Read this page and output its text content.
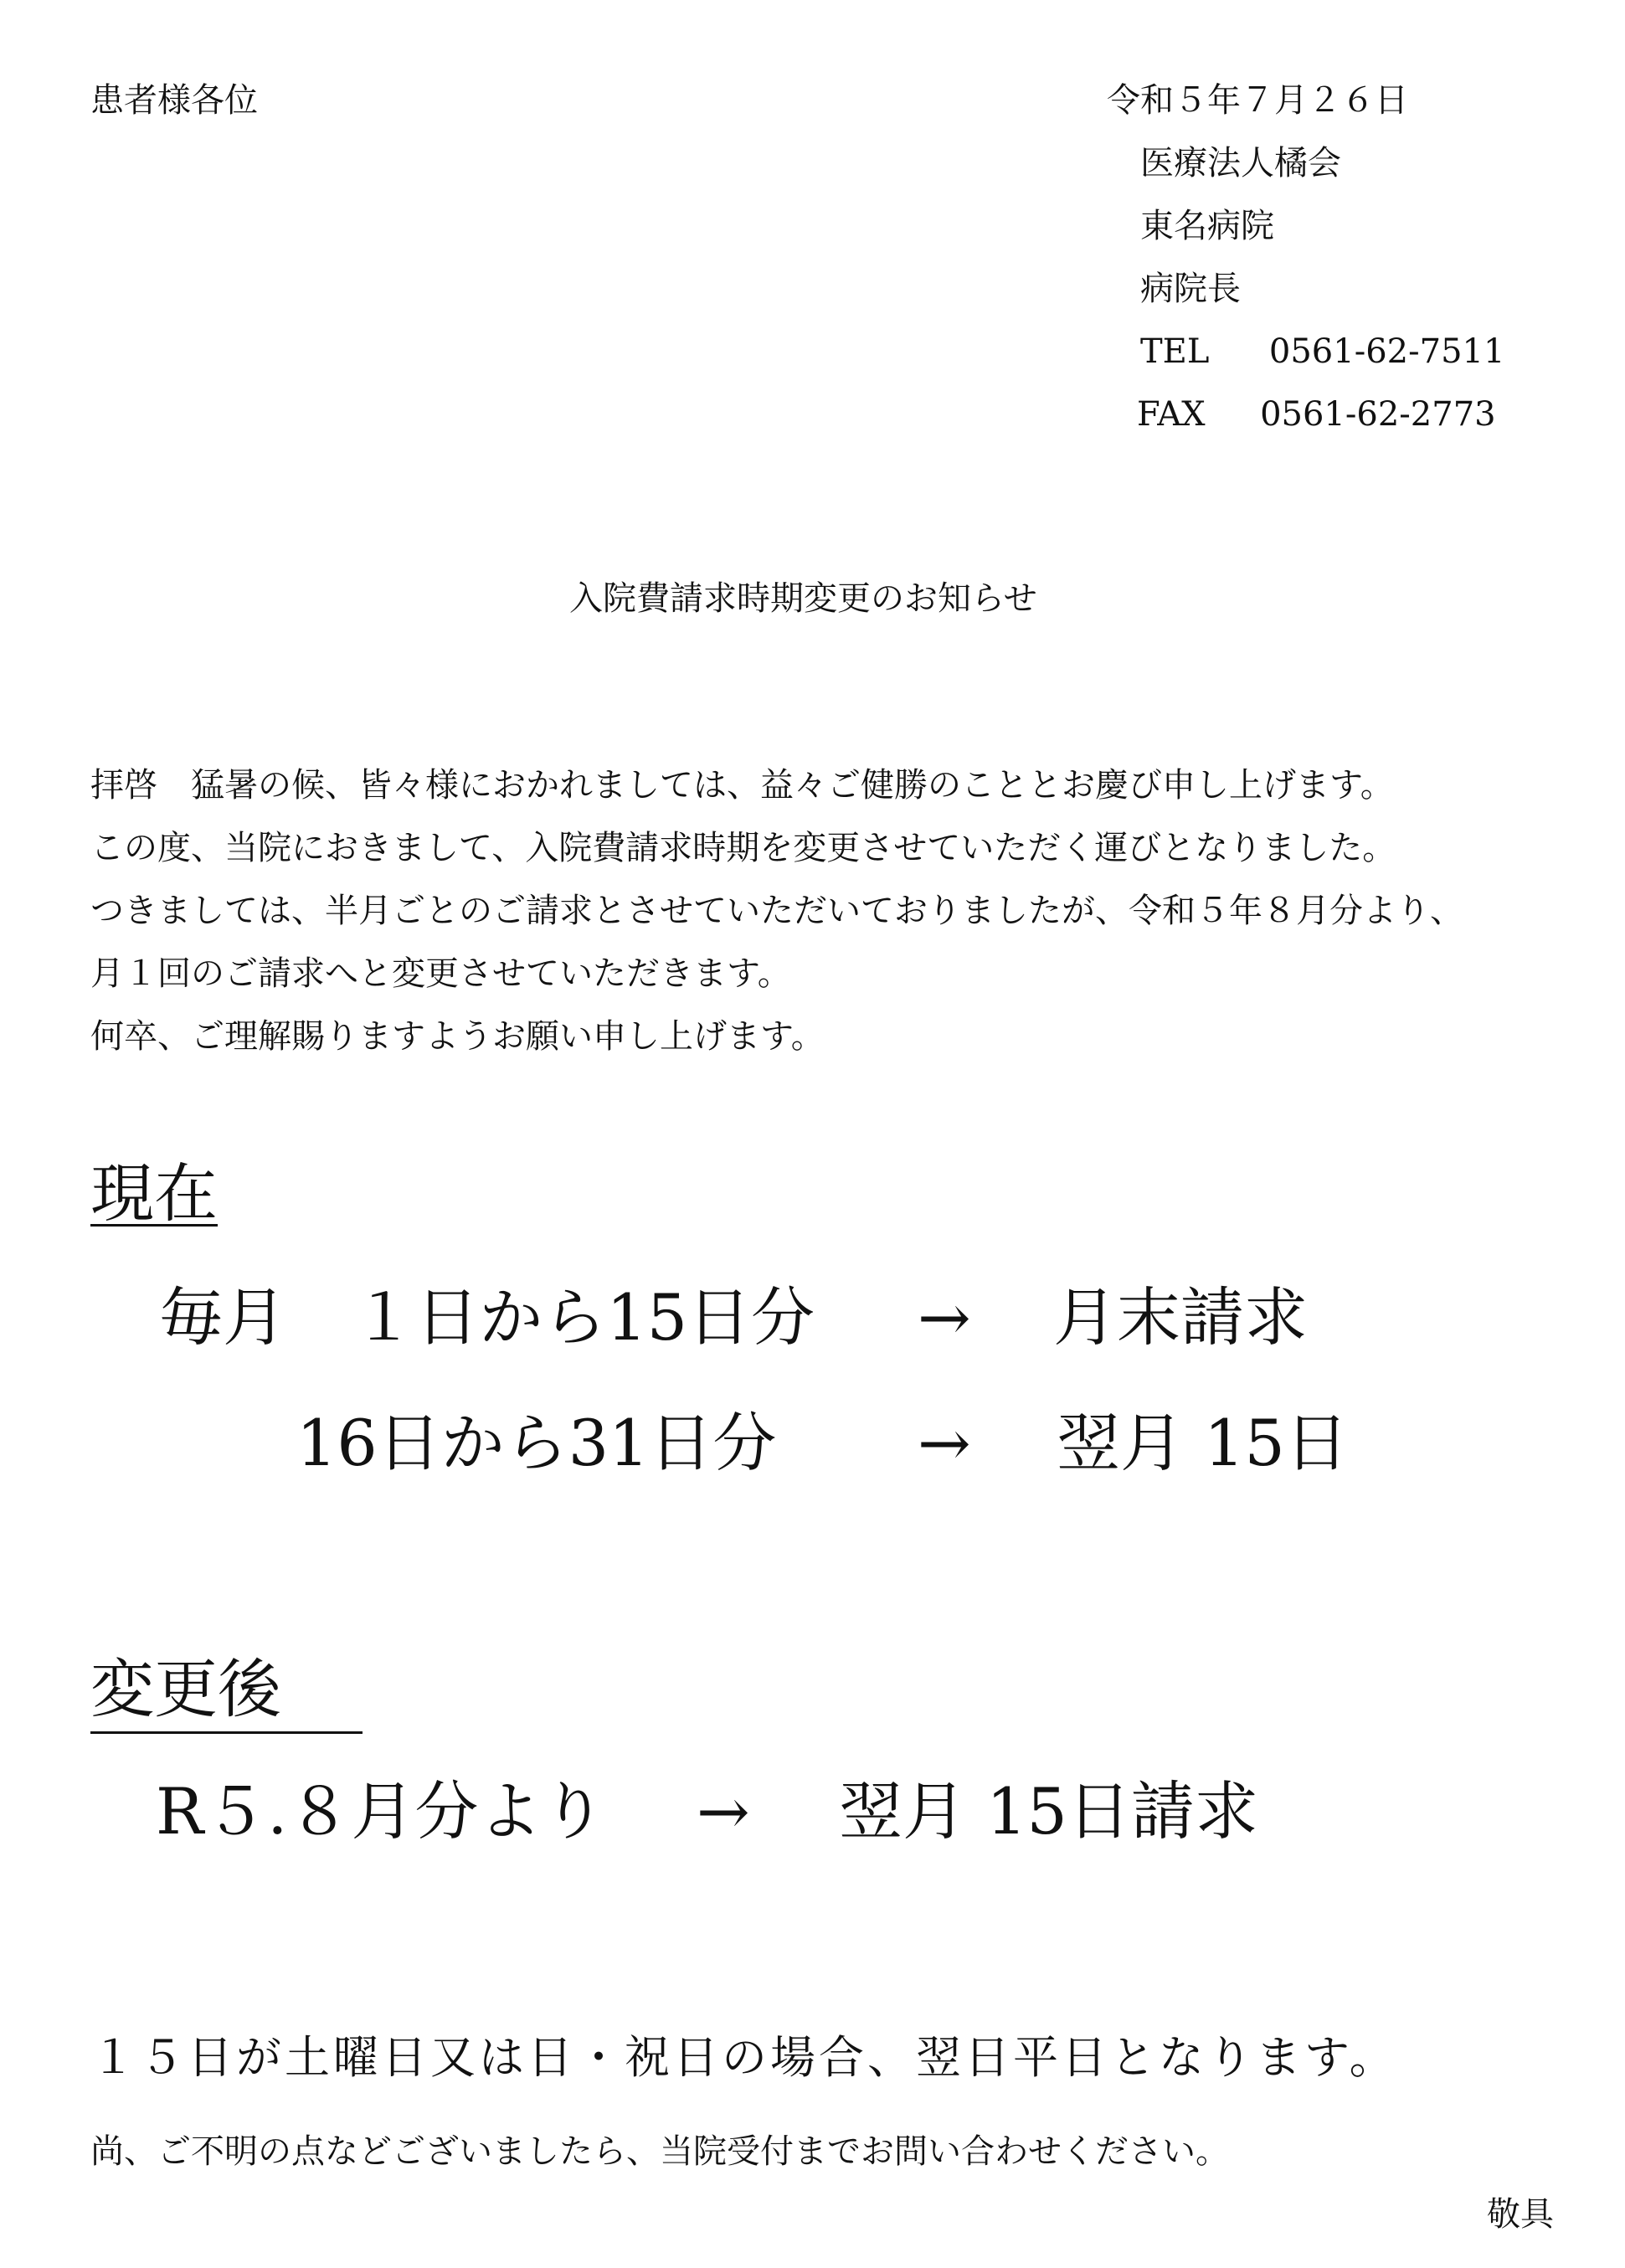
患者様各位	令和５年７月２６日
医療法人橘会
東名病院
病院長
TEL 0561-62-7511
FAX 0561-62-2773
入院費請求時期変更のお知らせ
拝啓　猛暑の候、皆々様におかれましては、益々ご健勝のこととお慶び申し上げます。
この度、当院におきまして、入院費請求時期を変更させていただく運びとなりました。
つきましては、半月ごとのご請求とさせていただいておりましたが、令和５年８月分より、
月１回のご請求へと変更させていただきます。
何卒、ご理解賜りますようお願い申し上げます。
現在
毎月 １日から15日分 → 月末請求
16日から31日分 → 翌月 15日
変更後
R５.８月分より → 翌月 15日請求
１５日が土曜日又は日・祝日の場合、翌日平日となります。
尚、ご不明の点などございましたら、当院受付までお問い合わせください。
敬具
